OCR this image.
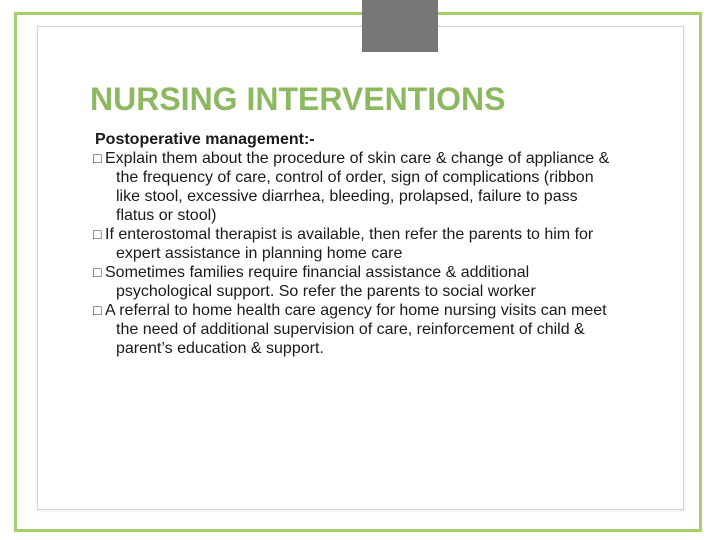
NURSING INTERVENTIONS
Postoperative management:-
□ Explain them about the procedure of skin care & change of appliance & the frequency of care, control of order, sign of complications (ribbon like stool, excessive diarrhea, bleeding, prolapsed, failure to pass flatus or stool)
□ If enterostomal therapist is available, then refer the parents to him for expert assistance in planning home care
□ Sometimes families require financial assistance & additional psychological support. So refer the parents to social worker
□ A referral to home health care agency for home nursing visits can meet the need of additional supervision of care, reinforcement of child & parent’s education & support.
